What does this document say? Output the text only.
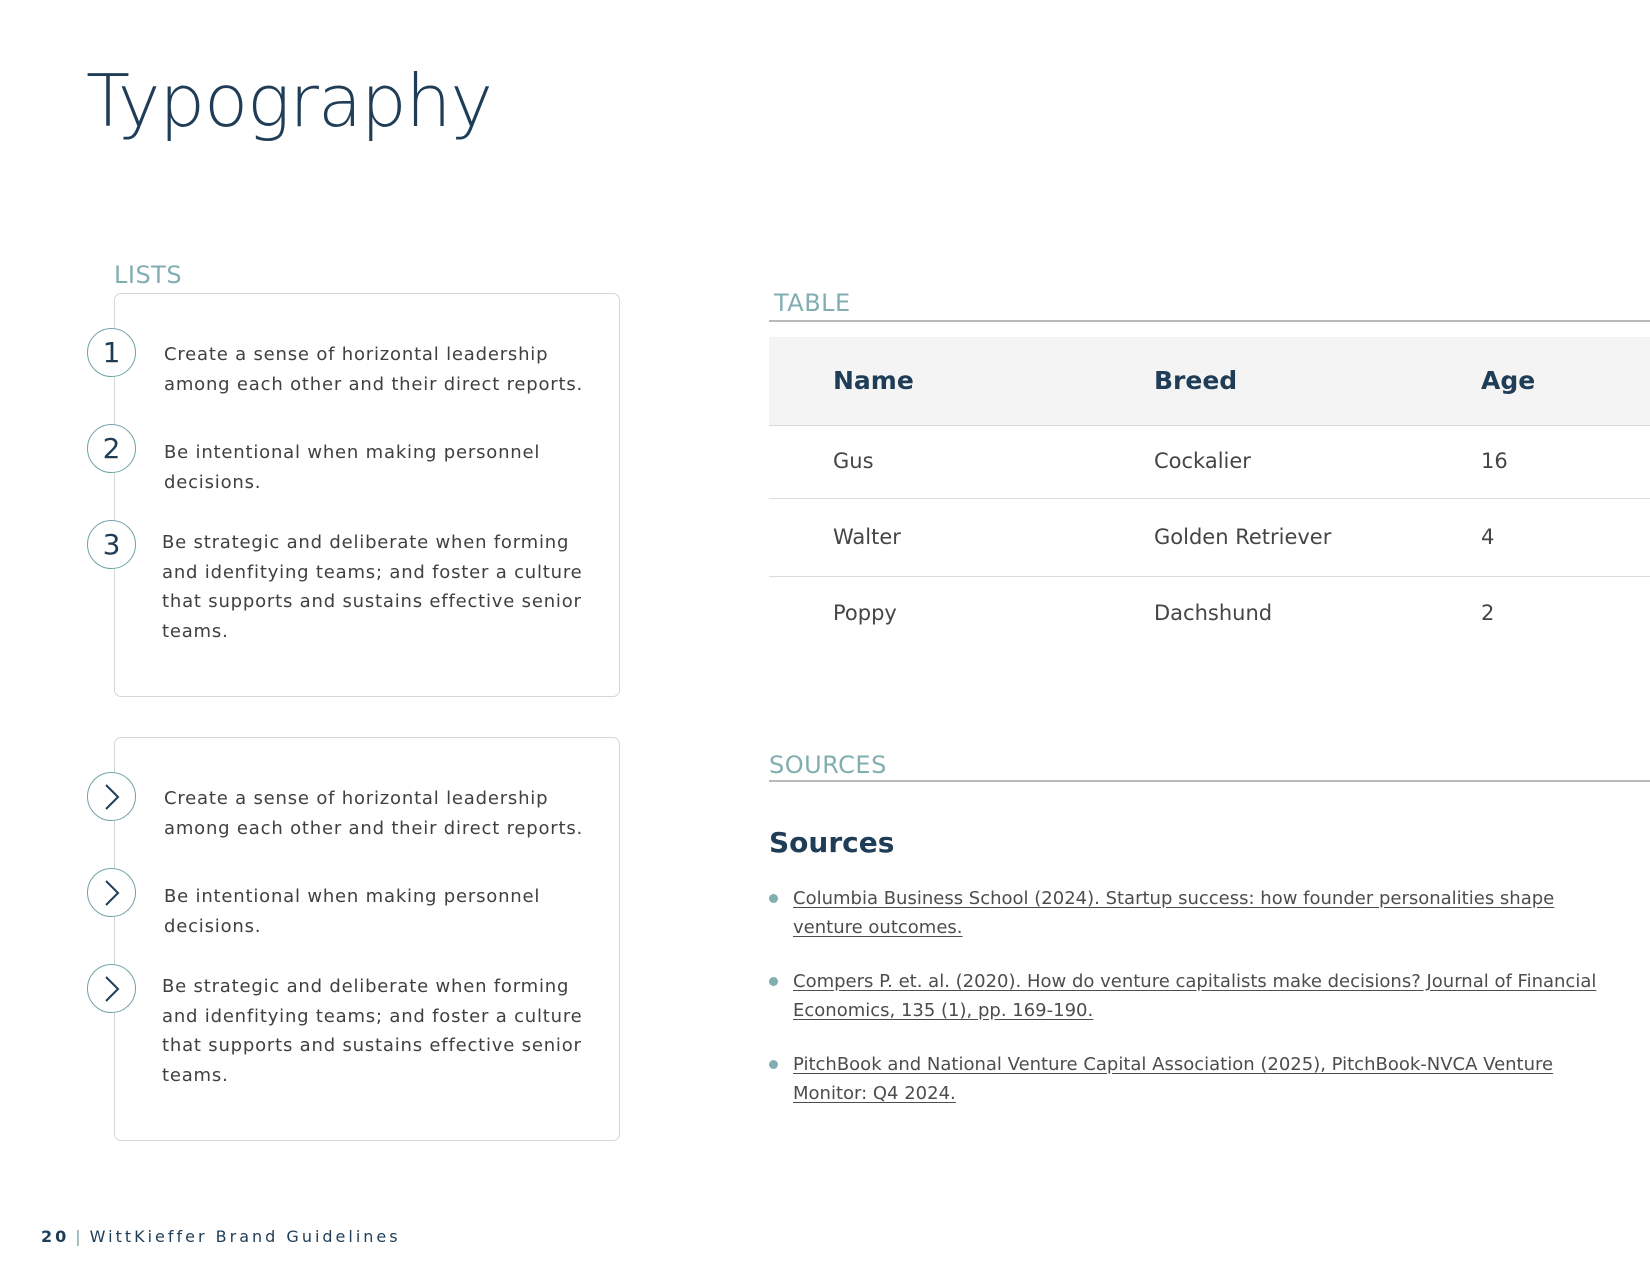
Typography
LISTS
1	Create a sense of horizontal leadership among each other and their direct reports.

2	Be intentional when making personnel decisions.

3	Be strategic and deliberate when forming and idenfitying teams; and foster a culture that supports and sustains effective senior teams.

Create a sense of horizontal leadership among each other and their direct reports.

Be intentional when making personnel decisions.

Be strategic and deliberate when forming and idenfitying teams; and foster a culture that supports and sustains effective senior teams.

TABLE
Name	Breed	Age
Gus	Cockalier	16
Walter	Golden Retriever	4
Poppy	Dachshund	2
SOURCES
Sources
Columbia Business School (2024). Startup success: how founder personalities shape venture outcomes.
Compers P. et. al. (2020). How do venture capitalists make decisions? Journal of Financial Economics, 135 (1), pp. 169-190.
PitchBook and National Venture Capital Association (2025), PitchBook-NVCA Venture Monitor: Q4 2024.
20 | WittKieffer Brand Guidelines
